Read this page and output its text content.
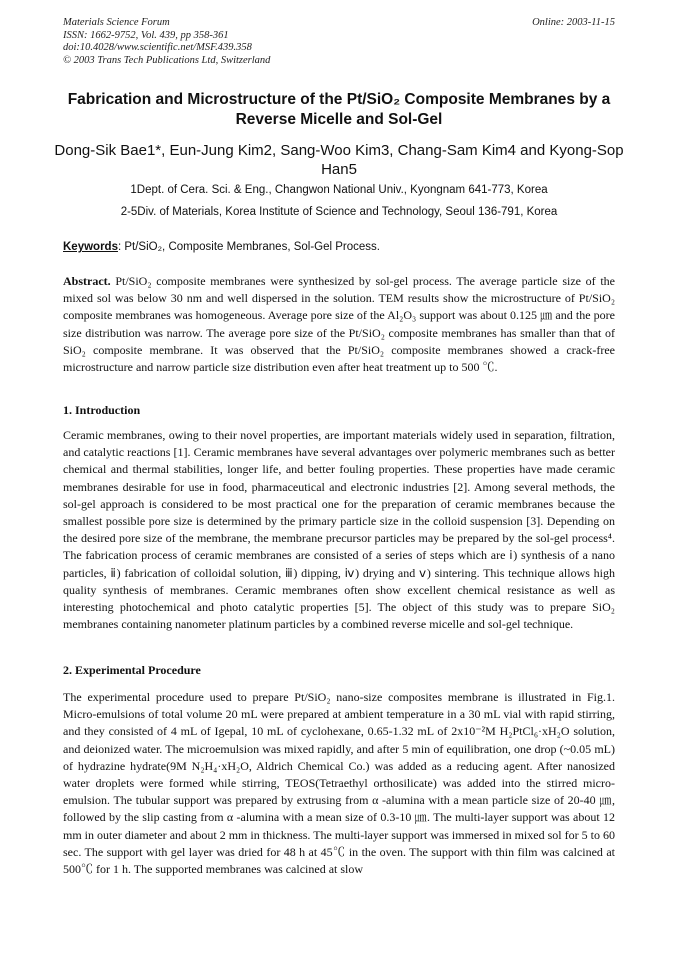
Materials Science Forum
ISSN: 1662-9752, Vol. 439, pp 358-361
doi:10.4028/www.scientific.net/MSF.439.358
© 2003 Trans Tech Publications Ltd, Switzerland
Online: 2003-11-15
Fabrication and Microstructure of the Pt/SiO₂ Composite Membranes by a Reverse Micelle and Sol-Gel
Dong-Sik Bae1*, Eun-Jung Kim2, Sang-Woo Kim3, Chang-Sam Kim4 and Kyong-Sop Han5
1Dept. of Cera. Sci. & Eng., Changwon National Univ., Kyongnam 641-773, Korea
2-5Div. of Materials, Korea Institute of Science and Technology, Seoul 136-791, Korea
Keywords: Pt/SiO₂, Composite Membranes, Sol-Gel Process.

Abstract. Pt/SiO₂ composite membranes were synthesized by sol-gel process. The average particle size of the mixed sol was below 30 nm and well dispersed in the solution. TEM results show the microstructure of Pt/SiO₂ composite membranes was homogeneous. Average pore size of the Al₂O₃ support was about 0.125 ㎛ and the pore size distribution was narrow. The average pore size of the Pt/SiO₂ composite membranes has smaller than that of SiO₂ composite membrane. It was observed that the Pt/SiO₂ composite membranes showed a crack-free microstructure and narrow particle size distribution even after heat treatment up to 500 ℃.

1. Introduction
Ceramic membranes, owing to their novel properties, are important materials widely used in separation, filtration, and catalytic reactions [1]. Ceramic membranes have several advantages over polymeric membranes such as better chemical and thermal stabilities, longer life, and better fouling properties. These properties have made ceramic membranes desirable for use in food, pharmaceutical and electronic industries [2]. Among several methods, the sol-gel approach is considered to be most practical one for the preparation of ceramic membranes because the smallest possible pore size is determined by the primary particle size in the colloid suspension [3]. Depending on the desired pore size of the membrane, the membrane precursor particles may be prepared by the sol-gel process⁴. The fabrication process of ceramic membranes are consisted of a series of steps which are ⅰ) synthesis of a nano particles, ⅱ) fabrication of colloidal solution, ⅲ) dipping, ⅳ) drying and ⅴ) sintering. This technique allows high quality synthesis of membranes. Ceramic membranes often show excellent chemical resistance as well as interesting photochemical and photo catalytic properties [5]. The object of this study was to prepare SiO₂ membranes containing nanometer platinum particles by a combined reverse micelle and sol-gel technique.
2. Experimental Procedure
The experimental procedure used to prepare Pt/SiO₂ nano-size composites membrane is illustrated in Fig.1. Micro-emulsions of total volume 20 mL were prepared at ambient temperature in a 30 mL vial with rapid stirring, and they consisted of 4 mL of Igepal, 10 mL of cyclohexane, 0.65-1.32 mL of 2x10⁻²M H₂PtCl₆·xH₂O solution, and deionized water. The microemulsion was mixed rapidly, and after 5 min of equilibration, one drop (~0.05 mL) of hydrazine hydrate(9M N₂H₄·xH₂O, Aldrich Chemical Co.) was added as a reducing agent. After nanosized water droplets were formed while stirring, TEOS(Tetraethyl orthosilicate) was added into the stirred micro-emulsion. The tubular support was prepared by extrusing from α -alumina with a mean particle size of 20-40 ㎛, followed by the slip casting from α -alumina with a mean size of 0.3-10 ㎛. The multi-layer support was about 12 mm in outer diameter and about 2 mm in thickness. The multi-layer support was immersed in mixed sol for 5 to 60 sec. The support with gel layer was dried for 48 h at 45℃ in the oven. The support with thin film was calcined at 500℃ for 1 h. The supported membranes was calcined at slow
